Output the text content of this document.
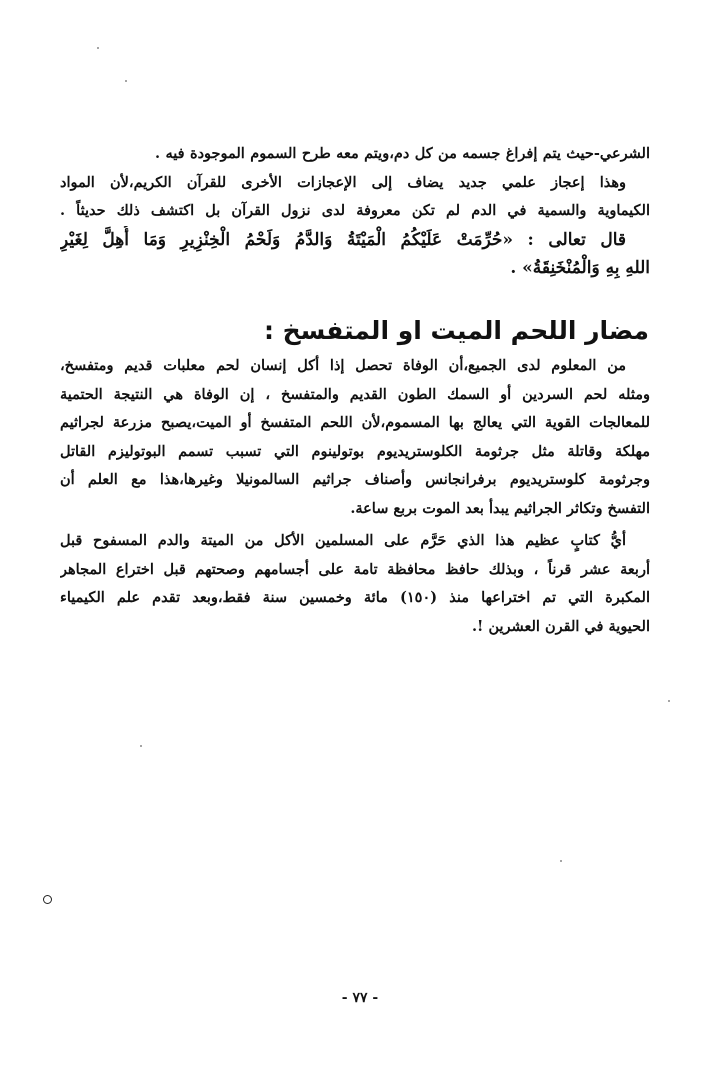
الشرعي-حيث يتم إفراغ جسمه من كل دم،ويتم معه طرح السموم الموجودة فيه .
وهذا إعجاز علمي جديد يضاف إلى الإعجازات الأخرى للقرآن الكريم،لأن المواد
الكيماوية والسمية في الدم لم تكن معروفة لدى نزول القرآن بل اكتشف ذلك حديثاً .
قال تعالى : «حُرِّمَتْ عَلَيْكُمُ الْمَيْتَةُ وَالدَّمُ وَلَحْمُ الْخِنْزِيرِ وَمَا أُهِلَّ لِغَيْرِ
اللهِ بِهِ وَالْمُنْخَنِقَةُ» .
مضار اللحم الميت او المتفسخ :
من المعلوم لدى الجميع،أن الوفاة تحصل إذا أكل إنسان لحم معلبات قديم ومتفسخ،
ومثله لحم السردين أو السمك الطون القديم والمتفسخ ، إن الوفاة هي النتيجة الحتمية
للمعالجات القوية التي يعالج بها المسموم،لأن اللحم المتفسخ أو الميت،يصبح مزرعة لجراثيم
مهلكة وقاتلة مثل جرثومة الكلوستريديوم بوتولينوم التي تسبب تسمم البوتوليزم القاتل
وجرثومة كلوستريديوم برفرانجانس وأصناف جراثيم السالمونيلا وغيرها،هذا مع العلم أن
التفسخ وتكاثر الجراثيم يبدأ بعد الموت بربع ساعة.
أيُّ كتابٍ عظيم هذا الذي حَرَّم على المسلمين الأكل من الميتة والدم المسفوح قبل
أربعة عشر قرناً ، وبذلك حافظ محافظة تامة على أجسامهم وصحتهم قبل اختراع المجاهر
المكبرة التي تم اختراعها منذ (١٥٠) مائة وخمسين سنة فقط،وبعد تقدم علم الكيمياء
الحيوية في القرن العشرين !.
- ٧٧ -
